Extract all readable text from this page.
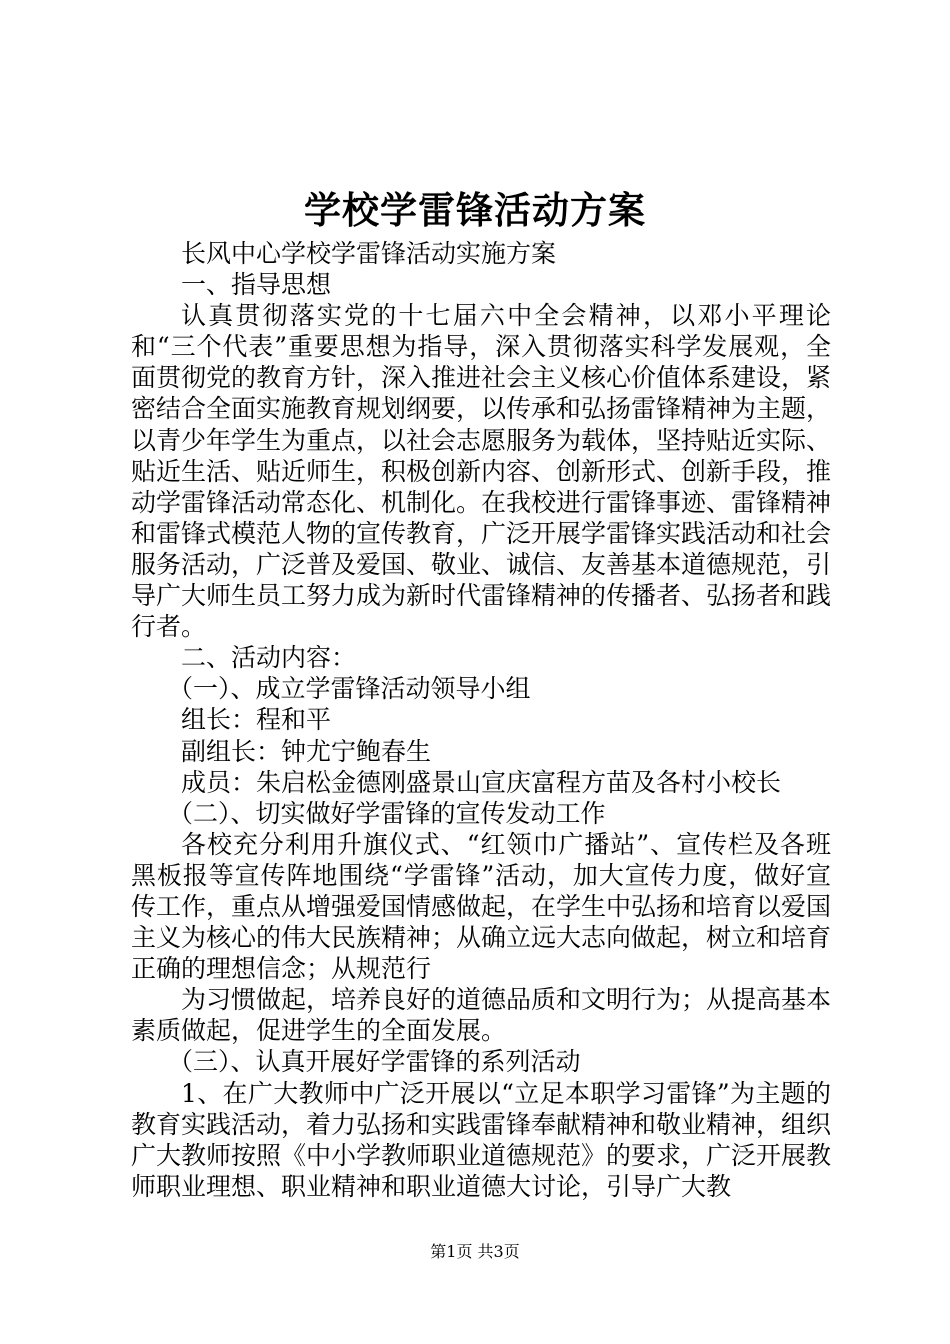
学校学雷锋活动方案

长风中心学校学雷锋活动实施方案

一、指导思想

认真贯彻落实党的十七届六中全会精神，以邓小平理论和“三个代表”重要思想为指导，深入贯彻落实科学发展观，全面贯彻党的教育方针，深入推进社会主义核心价值体系建设，紧密结合全面实施教育规划纲要，以传承和弘扬雷锋精神为主题，以青少年学生为重点，以社会志愿服务为载体，坚持贴近实际、贴近生活、贴近师生，积极创新内容、创新形式、创新手段，推动学雷锋活动常态化、机制化。在我校进行雷锋事迹、雷锋精神和雷锋式模范人物的宣传教育，广泛开展学雷锋实践活动和社会服务活动，广泛普及爱国、敬业、诚信、友善基本道德规范，引导广大师生员工努力成为新时代雷锋精神的传播者、弘扬者和践行者。

二、活动内容：

（一）、成立学雷锋活动领导小组

组长：程和平

副组长：钟尤宁鲍春生

成员：朱启松金德刚盛景山宣庆富程方苗及各村小校长

（二）、切实做好学雷锋的宣传发动工作

各校充分利用升旗仪式、“红领巾广播站”、宣传栏及各班黑板报等宣传阵地围绕“学雷锋”活动，加大宣传力度，做好宣传工作，重点从增强爱国情感做起，在学生中弘扬和培育以爱国主义为核心的伟大民族精神；从确立远大志向做起，树立和培育正确的理想信念；从规范行

为习惯做起，培养良好的道德品质和文明行为；从提高基本素质做起，促进学生的全面发展。

（三）、认真开展好学雷锋的系列活动

1、在广大教师中广泛开展以“立足本职学习雷锋”为主题的教育实践活动，着力弘扬和实践雷锋奉献精神和敬业精神，组织广大教师按照《中小学教师职业道德规范》的要求，广泛开展教师职业理想、职业精神和职业道德大讨论，引导广大教

第1页 共3页
